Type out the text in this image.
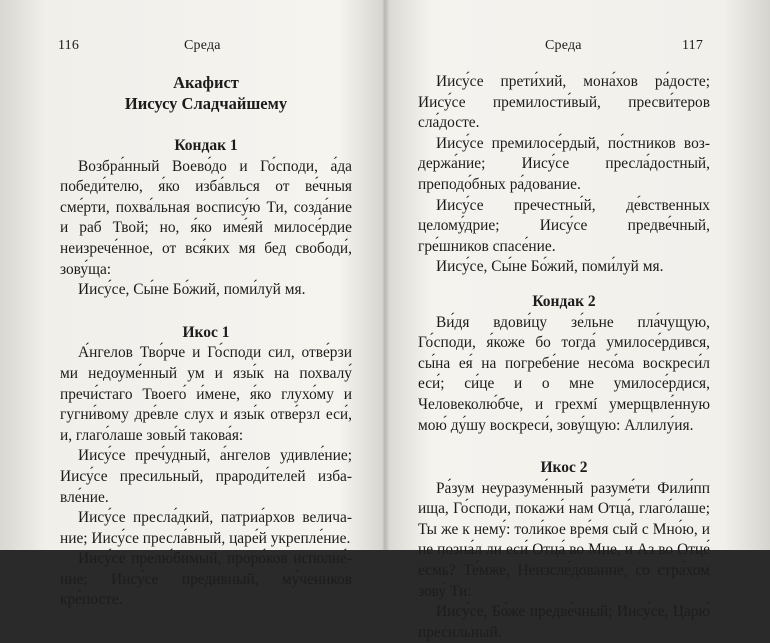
116	Среда

Акафист

Иисусу Сладчайшему

Кондак 1

Возбра́нный Воево́до и Го́споди, а́да победи́телю, я́ко изба́влься от ве́чныя сме́рти, похва́льная воспису́ю Ти, созда́ние и раб Твой; но, я́ко име́яй милосе́рдие неизрече́нное, от вся́ких мя бед свободи́, зову́ща:

Иису́се, Сы́не Бо́жий, поми́луй мя.

Икос 1

А́нгелов Тво́рче и Го́споди сил, отве́рзи ми недоуме́нный ум и язы́к на похвалу́ пречи́стаго Твоего́ и́мене, я́ко глухо́му и гугни́вому дре́вле слух и язы́к отве́рзл еси́, и, глаго́лаше зовы́й такова́я:

Иису́се преч́удный, а́нгелов удивле́ние; Иису́се пресильный, прароди́телей избавле́ние.

Иису́се пресла́дкий, патриа́рхов величание; Иису́се пресла́вный, царе́й укрепле́ние.

Иису́се прелю́бимый, проро́ков исполне́ние; Иису́се предивный, му́чеников кре́посте.

Среда	117

Иису́се прети́хий, мона́хов ра́досте; Иису́се премилости́вый, пресви́теров сла́досте.

Иису́се премилосе́рдый, по́стников воздержа́ние; Иису́се пресла́достный, преподо́бных ра́дование.

Иису́се пречестны́й, де́вственных целому́дрие; Иису́се предве́чный, гре́шников спасе́ние.

Иису́се, Сы́не Бо́жий, поми́луй мя.

Кондак 2

Ви́дя вдови́цу зе́льне пла́чущую, Го́споди, я́коже бо тогда́ умилосе́рдився, сы́на ея́ на погребе́ние несо́ма воскреси́л еси́; си́це и о мне умилосе́рдися, Человеколю́бче, и грехмí умерщвле́нную мою́ ду́шу воскреси́, зову́щую: Аллилу́ия.

Икос 2

Ра́зум неуразуме́нный разуме́ти Фили́пп ищa, Го́споди, покажи́ нам Отца́, глаго́лаше; Ты же к нему́: толи́кое вре́мя сый с Мно́ю, и не позна́л ли еси́ Отца́ во Мне, и Аз во Отце́ есмь? Те́мже, Неизсле́дованне, со стра́хом зову́ Ти:

Иису́се, Бо́же предве́чный; Иису́се, Царю́ пресильный.
